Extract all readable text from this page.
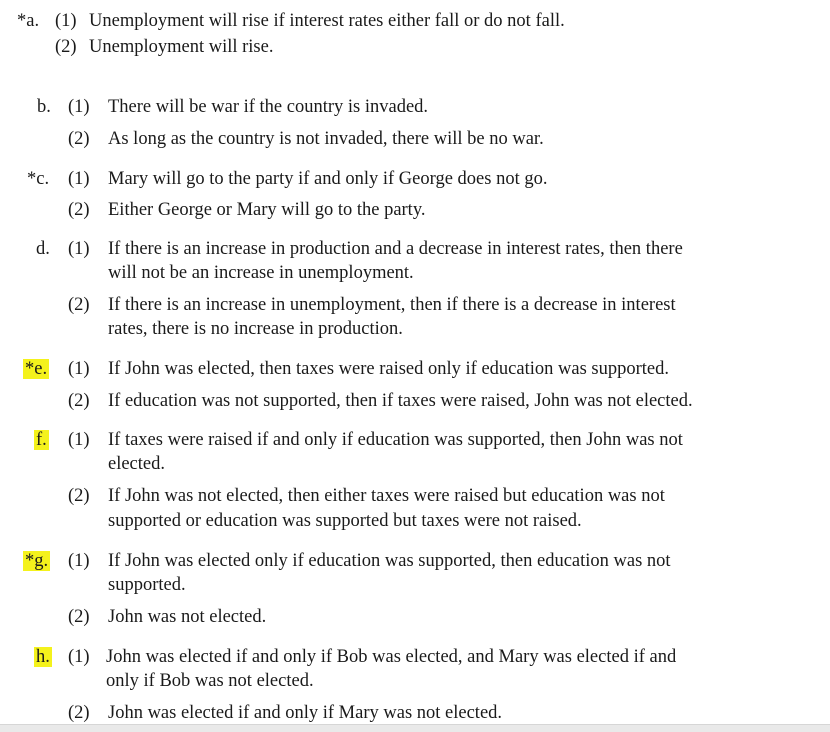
*a. (1) Unemployment will rise if interest rates either fall or do not fall.
(2) Unemployment will rise.
b. (1) There will be war if the country is invaded.
(2) As long as the country is not invaded, there will be no war.
*c. (1) Mary will go to the party if and only if George does not go.
(2) Either George or Mary will go to the party.
d. (1) If there is an increase in production and a decrease in interest rates, then there
will not be an increase in unemployment.
(2) If there is an increase in unemployment, then if there is a decrease in interest
rates, there is no increase in production.
*e. (1) If John was elected, then taxes were raised only if education was supported.
(2) If education was not supported, then if taxes were raised, John was not elected.
f. (1) If taxes were raised if and only if education was supported, then John was not
elected.
(2) If John was not elected, then either taxes were raised but education was not
supported or education was supported but taxes were not raised.
*g. (1) If John was elected only if education was supported, then education was not
supported.
(2) John was not elected.
h. (1) John was elected if and only if Bob was elected, and Mary was elected if and
only if Bob was not elected.
(2) John was elected if and only if Mary was not elected.
